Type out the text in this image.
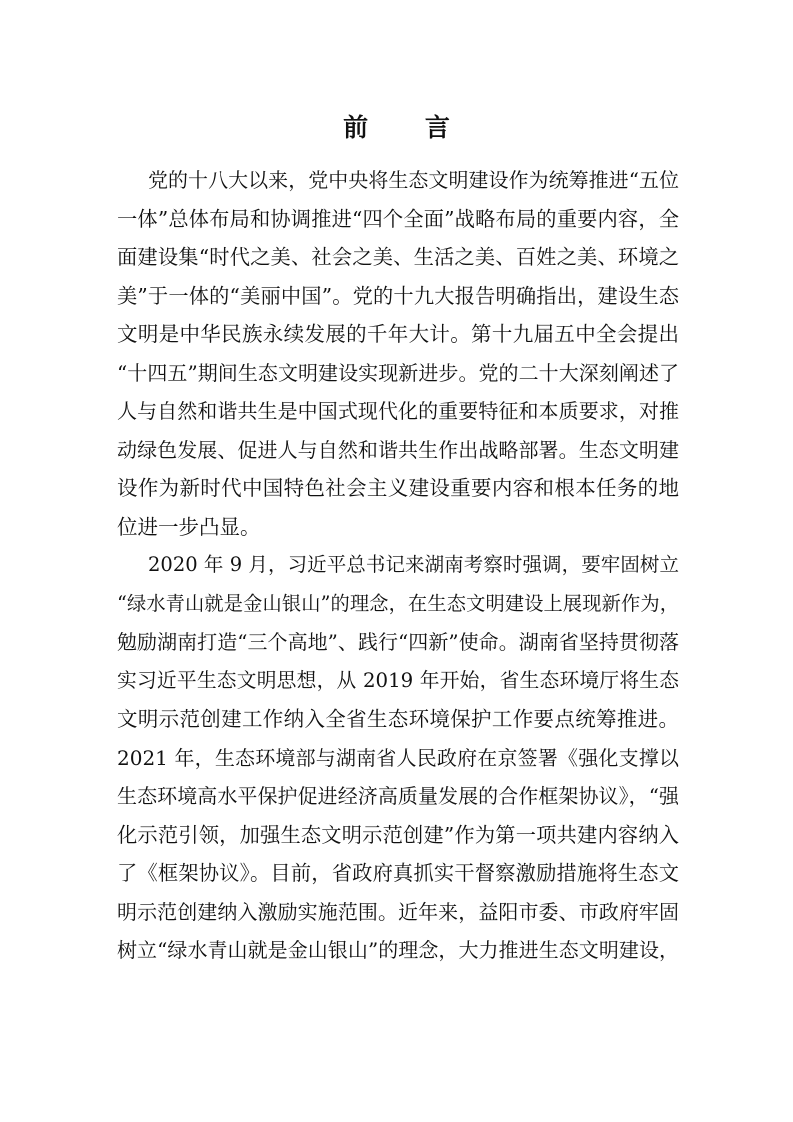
前 言
党的十八大以来，党中央将生态文明建设作为统筹推进“五位
一体”总体布局和协调推进“四个全面”战略布局的重要内容，全
面建设集“时代之美、社会之美、生活之美、百姓之美、环境之
美”于一体的“美丽中国”。党的十九大报告明确指出，建设生态
文明是中华民族永续发展的千年大计。第十九届五中全会提出
“十四五”期间生态文明建设实现新进步。党的二十大深刻阐述了
人与自然和谐共生是中国式现代化的重要特征和本质要求，对推
动绿色发展、促进人与自然和谐共生作出战略部署。生态文明建
设作为新时代中国特色社会主义建设重要内容和根本任务的地
位进一步凸显。
2020 年 9 月，习近平总书记来湖南考察时强调，要牢固树立
“绿水青山就是金山银山”的理念，在生态文明建设上展现新作为，
勉励湖南打造“三个高地”、践行“四新”使命。湖南省坚持贯彻落
实习近平生态文明思想，从 2019 年开始，省生态环境厅将生态
文明示范创建工作纳入全省生态环境保护工作要点统筹推进。
2021 年，生态环境部与湖南省人民政府在京签署《强化支撑以
生态环境高水平保护促进经济高质量发展的合作框架协议》，“强
化示范引领，加强生态文明示范创建”作为第一项共建内容纳入
了《框架协议》。目前，省政府真抓实干督察激励措施将生态文
明示范创建纳入激励实施范围。近年来，益阳市委、市政府牢固
树立“绿水青山就是金山银山”的理念，大力推进生态文明建设，
